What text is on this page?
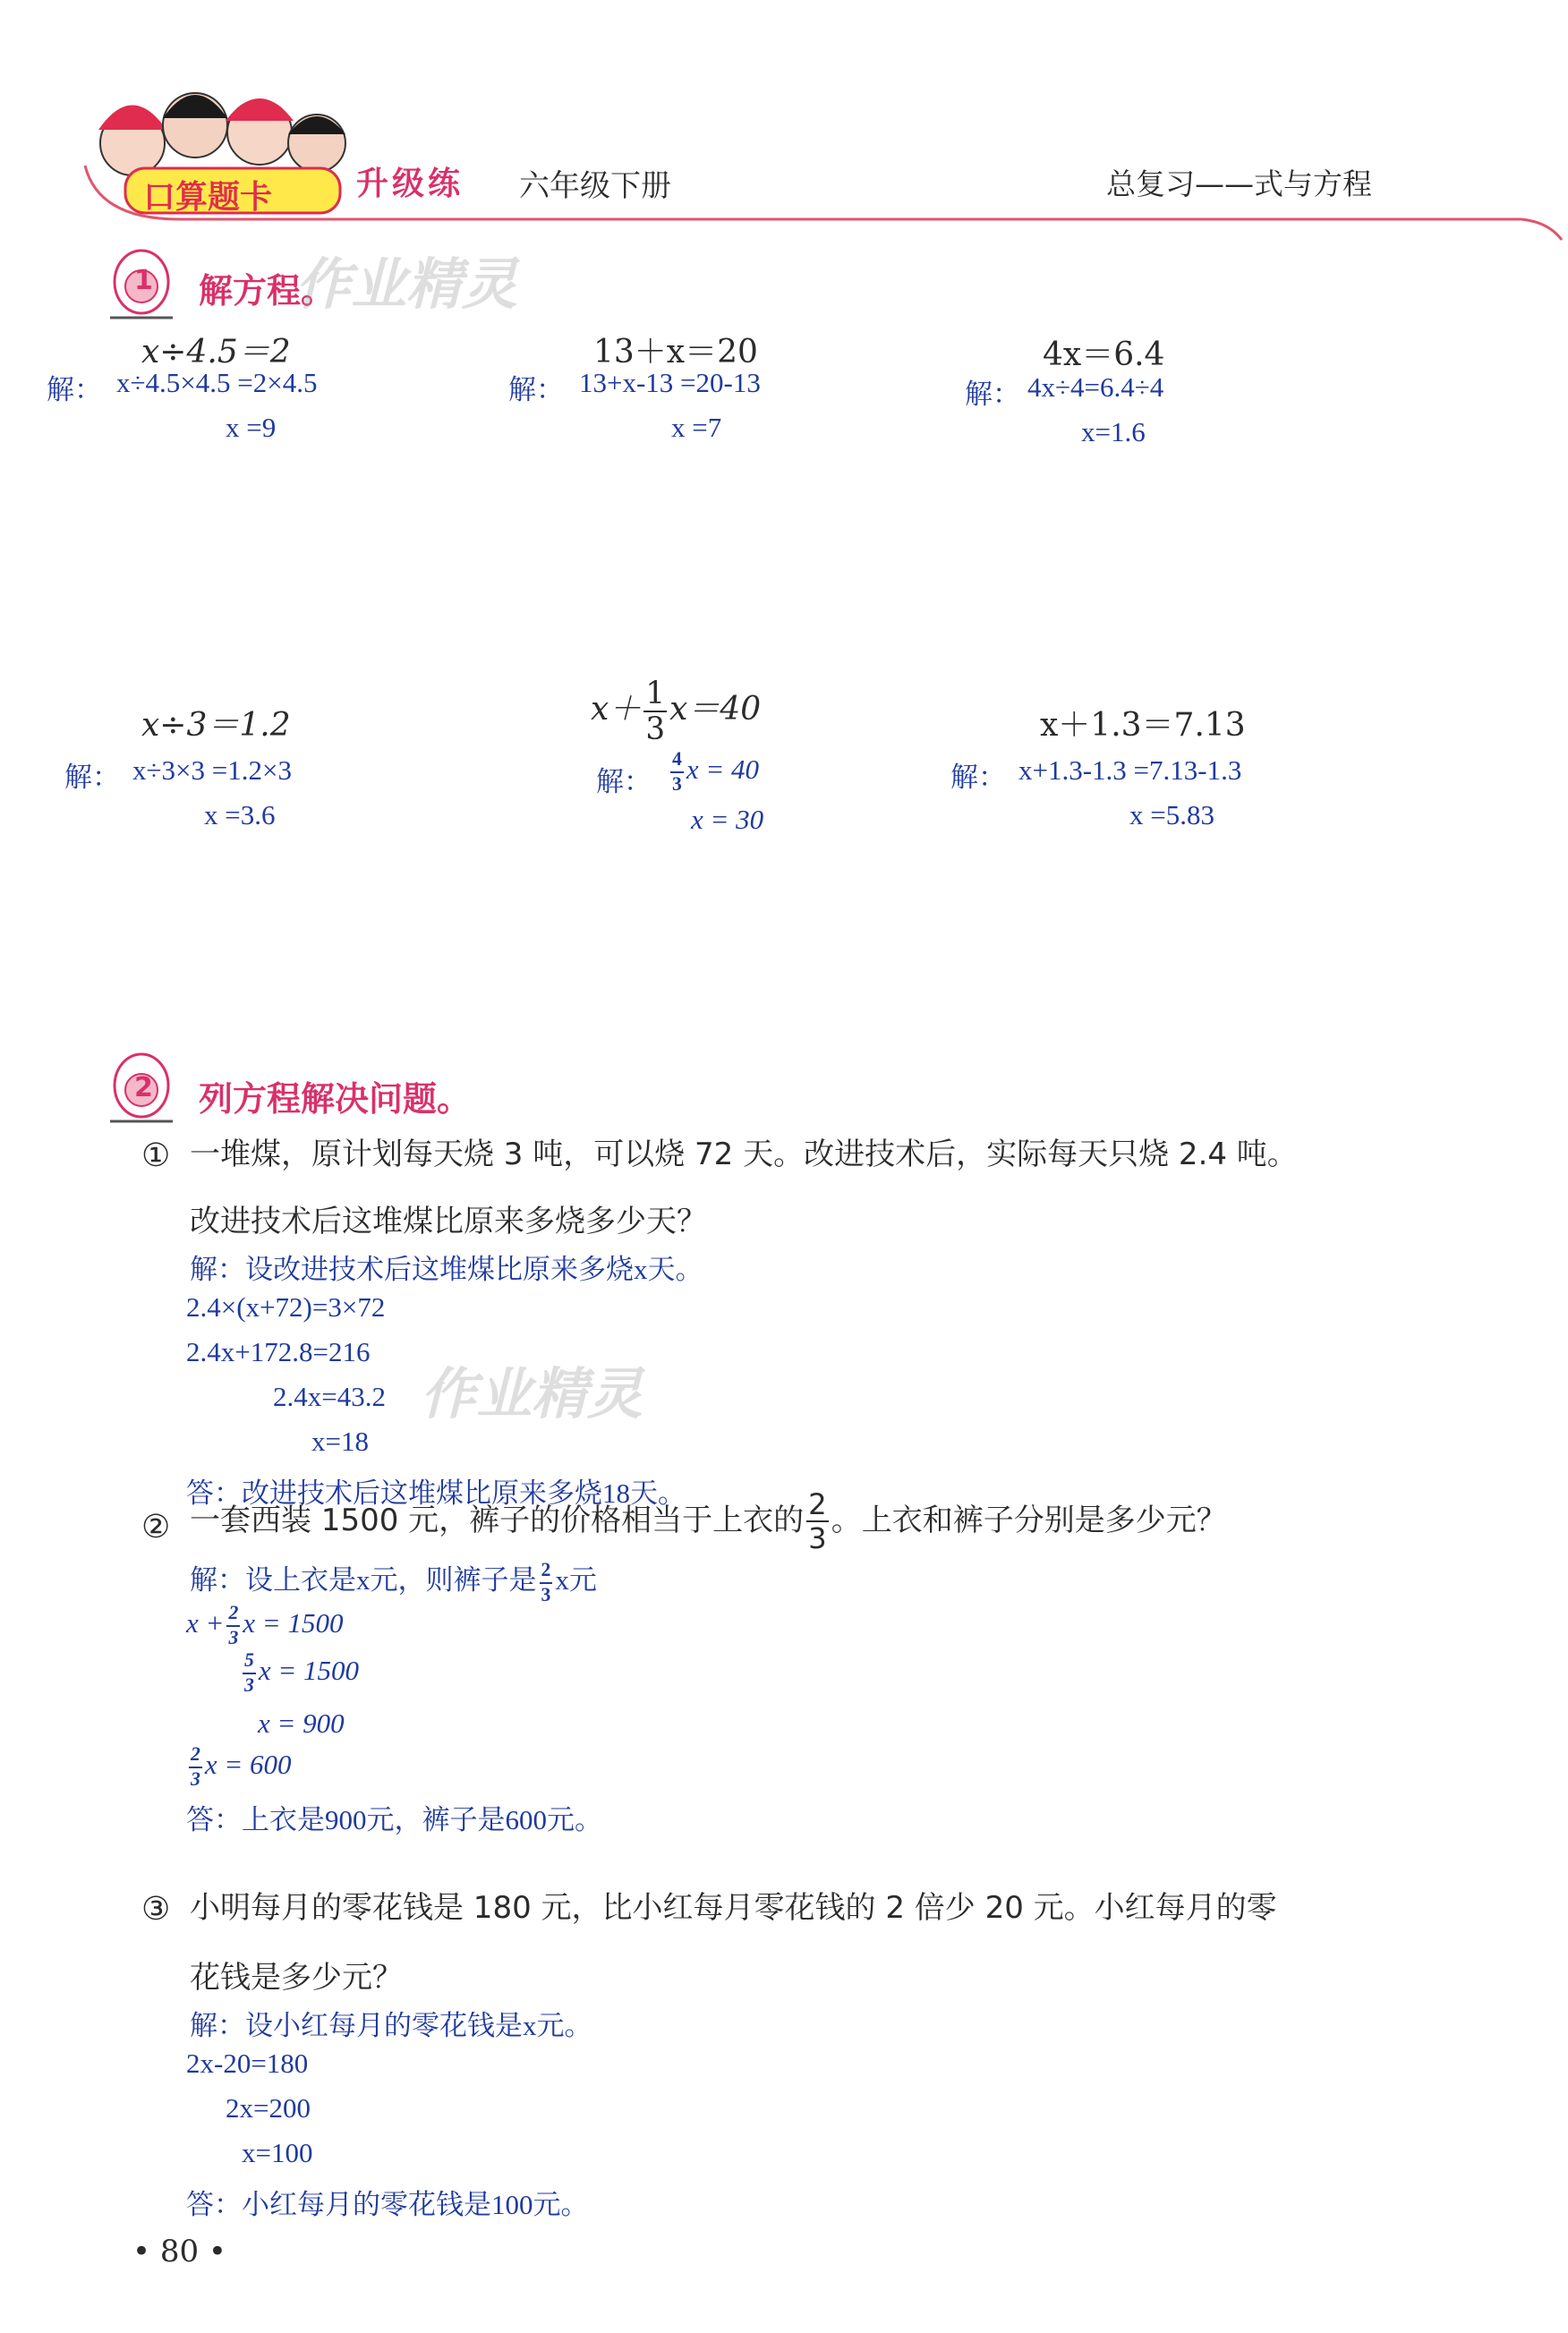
口算题卡	升级练 六年级下册	总复习——式与方程
1 解方程。
作业精灵
x÷4.5＝2
解： x÷4.5×4.5 =2×4.5
x =9
13＋x＝20
解： 13+x-13 =20-13
x =7
4x＝6.4
解： 4x÷4=6.4÷4
x=1.6
x÷3＝1.2
解： x÷3×3 =1.2×3
x =3.6
$x+ \frac{1}{3} x=40$
解： $\frac{4}{3}$ x = 40
x = 30
x＋1.3＝7.13
解： x+1.3-1.3 =7.13-1.3
x =5.83
2 列方程解决问题。
① 一堆煤，原计划每天烧 3 吨，可以烧 72 天。改进技术后，实际每天只烧 2.4 吨。
改进技术后这堆煤比原来多烧多少天？
解：设改进技术后这堆煤比原来多烧x天。
2.4×(x+72)=3×72
2.4x+172.8=216
2.4x=43.2
x=18
答：改进技术后这堆煤比原来多烧18天。
作业精灵
② 一套西装 1500 元，裤子的价格相当于上衣的 $\frac{2}{3}$ 。上衣和裤子分别是多少元？
解：设上衣是x元，则裤子是 $\frac{2}{3}$ x元
$x + \frac{2}{3}$ x = 1500
$\frac{5}{3}$ x = 1500
x = 900
$\frac{2}{3}$ x = 600
答：上衣是900元，裤子是600元。
③ 小明每月的零花钱是 180 元，比小红每月零花钱的 2 倍少 20 元。小红每月的零
花钱是多少元？
解：设小红每月的零花钱是x元。
2x-20=180
2x=200
x=100
答：小红每月的零花钱是100元。
• 80 •
